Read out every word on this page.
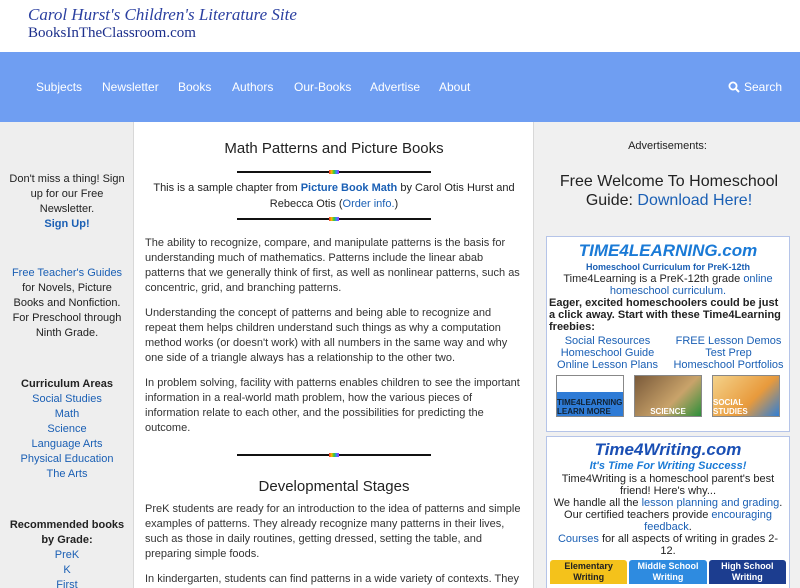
Carol Hurst's Children's Literature Site
BooksInTheClassroom.com
Subjects Newsletter Books Authors Our-Books Advertise About	Search
Don't miss a thing! Sign up for our Free Newsletter.

Sign Up!
Free Teacher's Guides
for Novels, Picture Books and Nonfiction. For Preschool through Ninth Grade.
Curriculum Areas
Social Studies
Math
Science
Language Arts
Physical Education
The Arts
Recommended books by Grade:
PreK
K
First
Math Patterns and Picture Books
This is a sample chapter from Picture Book Math by Carol Otis Hurst and Rebecca Otis (Order info.)

The ability to recognize, compare, and manipulate patterns is the basis for understanding much of mathematics. Patterns include the linear abab patterns that we generally think of first, as well as nonlinear patterns, such as concentric, grid, and branching patterns.

Understanding the concept of patterns and being able to recognize and repeat them helps children understand such things as why a computation method works (or doesn't work) with all numbers in the same way and why one side of a triangle always has a relationship to the other two.

In problem solving, facility with patterns enables children to see the important information in a real-world math problem, how the various pieces of information relate to each other, and the possibilities for predicting the outcome.

Developmental Stages

PreK students are ready for an introduction to the idea of patterns and simple examples of patterns. They already recognize many patterns in their lives, such as those in daily routines, getting dressed, setting the table, and preparing simple foods.

In kindergarten, students can find patterns in a wide variety of contexts. They

Advertisements:
Free Welcome To Homeschool Guide: Download Here!
TIME4LEARNING.com
Homeschool Curriculum for PreK-12th
Time4Learning is a PreK-12th grade online homeschool curriculum.
Eager, excited homeschoolers could be just a click away. Start with these Time4Learning freebies:
Social Resources	FREE Lesson Demos
Homeschool Guide	Test Prep
Online Lesson Plans	Homeschool Portfolios
TIME4LEARNING LEARN MORE	SCIENCE
SOCIAL STUDIES
Time4Writing.com
It's Time For Writing Success!
Time4Writing is a homeschool parent's best friend! Here's why...
We handle all the lesson planning and grading.
Our certified teachers provide encouraging feedback.
Courses for all aspects of writing in grades 2-12.
Elementary Writing
Middle School Writing
High School Writing
